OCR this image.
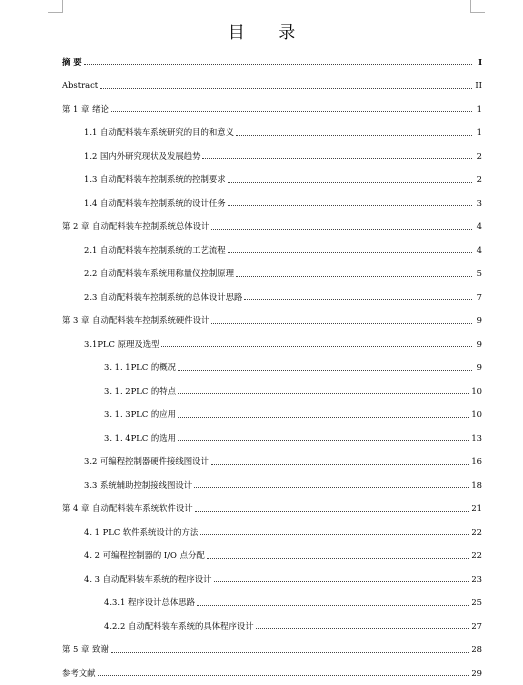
目 录
摘 要	I
Abstract	II
第 1 章 绪论	1
1.1 自动配料装车系统研究的目的和意义	1
1.2 国内外研究现状及发展趋势	2
1.3 自动配料装车控制系统的控制要求	2
1.4 自动配料装车控制系统的设计任务	3
第 2 章 自动配料装车控制系统总体设计	4
2.1 自动配料装车控制系统的工艺流程	4
2.2 自动配料装车系统用称量仪控制原理	5
2.3 自动配料装车控制系统的总体设计思路	7
第 3 章 自动配料装车控制系统硬件设计	9
3.1PLC 原理及选型	9
3. 1. 1PLC 的概况	9
3. 1. 2PLC 的特点	10
3. 1. 3PLC 的应用	10
3. 1. 4PLC 的选用	13
3.2 可编程控制器硬件接线图设计	16
3.3 系统辅助控制接线图设计	18
第 4 章 自动配料装车系统软件设计	21
4. 1 PLC 软件系统设计的方法	22
4. 2 可编程控制器的 I/O 点分配	22
4. 3 自动配料装车系统的程序设计	23
4.3.1 程序设计总体思路	25
4.2.2 自动配料装车系统的具体程序设计	27
第 5 章 致谢	28
参考文献	29
